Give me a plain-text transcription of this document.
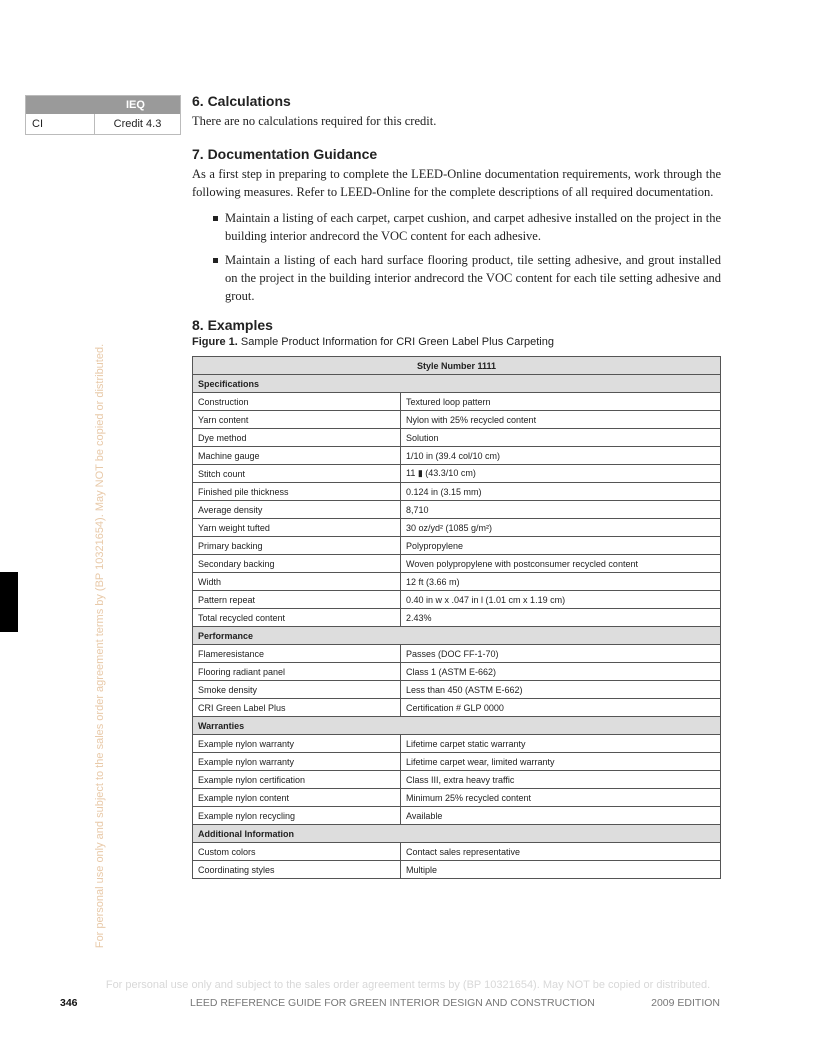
For personal use only and subject to the sales order agreement terms by (BP 10321654). May NOT be copied or distributed.
IEQ
CI	Credit 4.3
6. Calculations

There are no calculations required for this credit.

7. Documentation Guidance

As a first step in preparing to complete the LEED-Online documentation requirements, work through the following measures. Refer to LEED-Online for the complete descriptions of all required documentation.

Maintain a listing of each carpet, carpet cushion, and carpet adhesive installed on the project in the building interior andrecord the VOC content for each adhesive.
Maintain a listing of each hard surface flooring product, tile setting adhesive, and grout installed on the project in the building interior andrecord the VOC content for each tile setting adhesive and grout.
8. Examples
Figure 1. Sample Product Information for CRI Green Label Plus Carpeting
Style Number 1111	
Specifications	
Construction	Textured loop pattern
Yarn content	Nylon with 25% recycled content
Dye method	Solution
Machine gauge	1/10 in (39.4 col/10 cm)
Stitch count	11 ▮ (43.3/10 cm)
Finished pile thickness	0.124 in (3.15 mm)
Average density	8,710
Yarn weight tufted	30 oz/yd² (1085 g/m²)
Primary backing	Polypropylene
Secondary backing	Woven polypropylene with postconsumer recycled content
Width	12 ft (3.66 m)
Pattern repeat	0.40 in w x .047 in l (1.01 cm x 1.19 cm)
Total recycled content	2.43%
Performance	
Flameresistance	Passes (DOC FF-1-70)
Flooring radiant panel	Class 1 (ASTM E-662)
Smoke density	Less than 450 (ASTM E-662)
CRI Green Label Plus	Certification # GLP 0000
Warranties	
Example nylon warranty	Lifetime carpet static warranty
Example nylon warranty	Lifetime carpet wear, limited warranty
Example nylon certification	Class III, extra heavy traffic
Example nylon content	Minimum 25% recycled content
Example nylon recycling	Available
Additional Information	
Custom colors	Contact sales representative
Coordinating styles	Multiple
For personal use only and subject to the sales order agreement terms by (BP 10321654). May NOT be copied or distributed.
346	LEED REFERENCE GUIDE FOR GREEN INTERIOR DESIGN AND CONSTRUCTION	2009 EDITION
